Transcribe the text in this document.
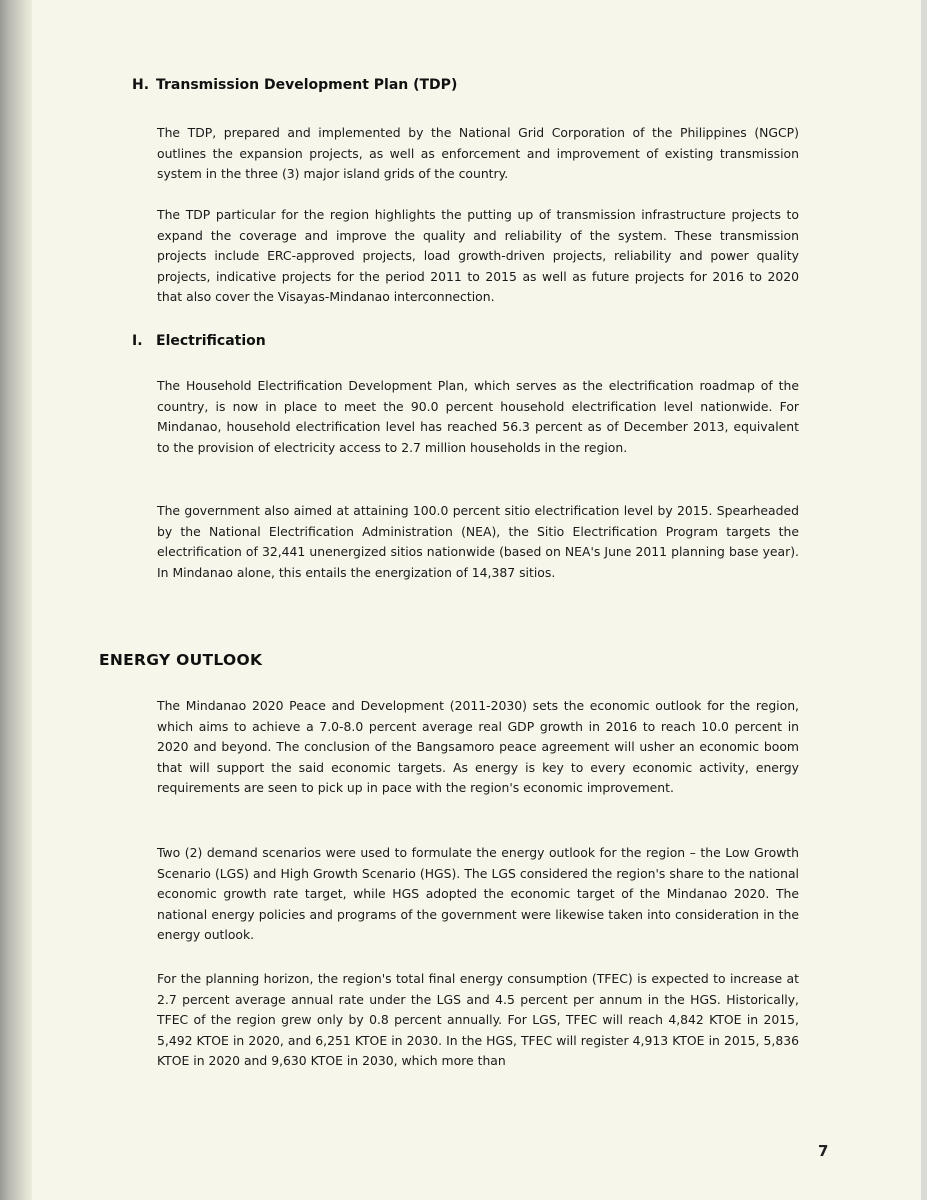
H. Transmission Development Plan (TDP)

The TDP, prepared and implemented by the National Grid Corporation of the Philippines (NGCP) outlines the expansion projects, as well as enforcement and improvement of existing transmission system in the three (3) major island grids of the country.

The TDP particular for the region highlights the putting up of transmission infrastructure projects to expand the coverage and improve the quality and reliability of the system. These transmission projects include ERC-approved projects, load growth-driven projects, reliability and power quality projects, indicative projects for the period 2011 to 2015 as well as future projects for 2016 to 2020 that also cover the Visayas-Mindanao interconnection.

I. Electrification

The Household Electrification Development Plan, which serves as the electrification roadmap of the country, is now in place to meet the 90.0 percent household electrification level nationwide. For Mindanao, household electrification level has reached 56.3 percent as of December 2013, equivalent to the provision of electricity access to 2.7 million households in the region.

The government also aimed at attaining 100.0 percent sitio electrification level by 2015. Spearheaded by the National Electrification Administration (NEA), the Sitio Electrification Program targets the electrification of 32,441 unenergized sitios nationwide (based on NEA's June 2011 planning base year). In Mindanao alone, this entails the energization of 14,387 sitios.

ENERGY OUTLOOK

The Mindanao 2020 Peace and Development (2011-2030) sets the economic outlook for the region, which aims to achieve a 7.0-8.0 percent average real GDP growth in 2016 to reach 10.0 percent in 2020 and beyond. The conclusion of the Bangsamoro peace agreement will usher an economic boom that will support the said economic targets. As energy is key to every economic activity, energy requirements are seen to pick up in pace with the region's economic improvement.

Two (2) demand scenarios were used to formulate the energy outlook for the region – the Low Growth Scenario (LGS) and High Growth Scenario (HGS). The LGS considered the region's share to the national economic growth rate target, while HGS adopted the economic target of the Mindanao 2020. The national energy policies and programs of the government were likewise taken into consideration in the energy outlook.

For the planning horizon, the region's total final energy consumption (TFEC) is expected to increase at 2.7 percent average annual rate under the LGS and 4.5 percent per annum in the HGS. Historically, TFEC of the region grew only by 0.8 percent annually. For LGS, TFEC will reach 4,842 KTOE in 2015, 5,492 KTOE in 2020, and 6,251 KTOE in 2030. In the HGS, TFEC will register 4,913 KTOE in 2015, 5,836 KTOE in 2020 and 9,630 KTOE in 2030, which more than

7
